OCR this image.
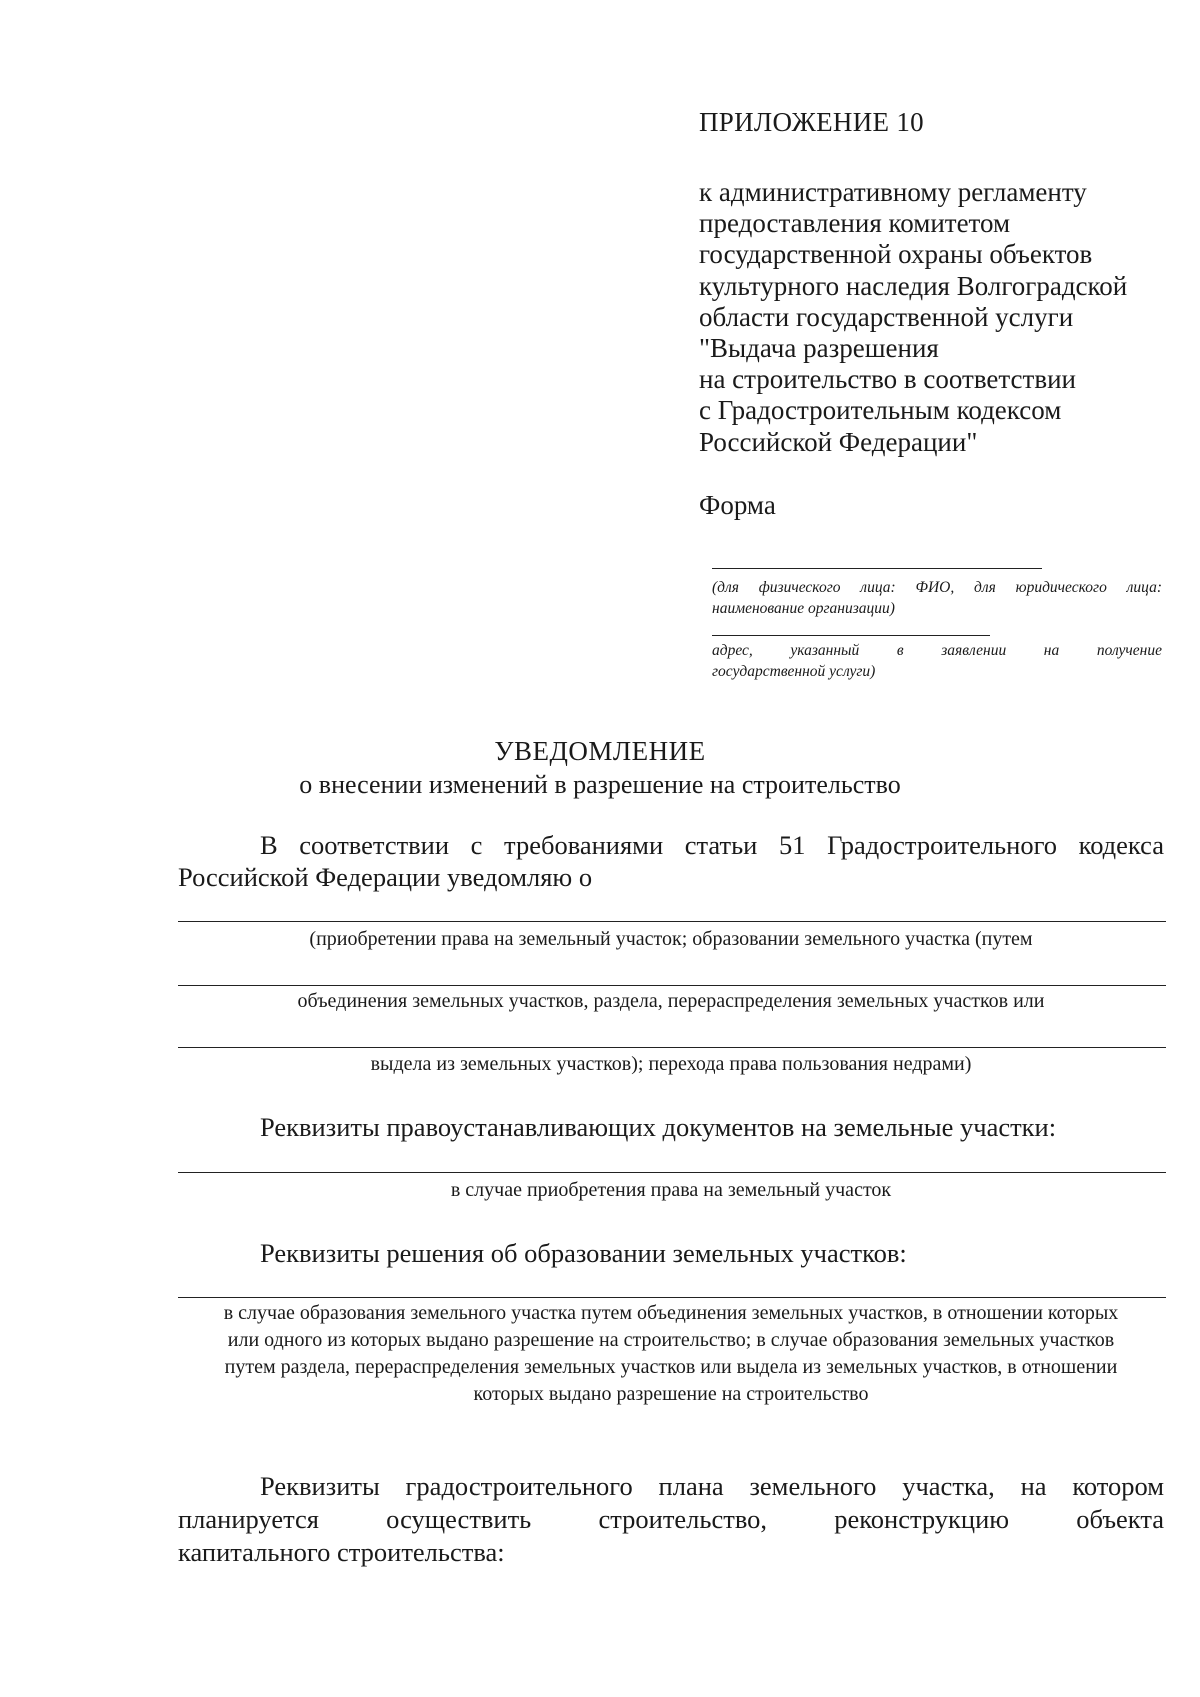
ПРИЛОЖЕНИЕ 10
к административному регламенту
предоставления комитетом
государственной охраны объектов
культурного наследия Волгоградской
области государственной услуги
"Выдача разрешения
на строительство в соответствии
с Градостроительным кодексом
Российской Федерации"
Форма
(для физического лица: ФИО, для юридического лица: наименование организации)
адрес, указанный в заявлении на получение
государственной услуги)
УВЕДОМЛЕНИЕ
о внесении изменений в разрешение на строительство
В соответствии с требованиями статьи 51 Градостроительного кодекса Российской Федерации уведомляю о
(приобретении права на земельный участок; образовании земельного участка (путем
объединения земельных участков, раздела, перераспределения земельных участков или
выдела из земельных участков); перехода права пользования недрами)
Реквизиты правоустанавливающих документов на земельные участки:
в случае приобретения права на земельный участок
Реквизиты решения об образовании земельных участков:
в случае образования земельного участка путем объединения земельных участков, в отношении которых или одного из которых выдано разрешение на строительство; в случае образования земельных участков путем раздела, перераспределения земельных участков или выдела из земельных участков, в отношении которых выдано разрешение на строительство
Реквизиты градостроительного плана земельного участка, на котором
планируется осуществить строительство, реконструкцию объекта
капитального строительства:
